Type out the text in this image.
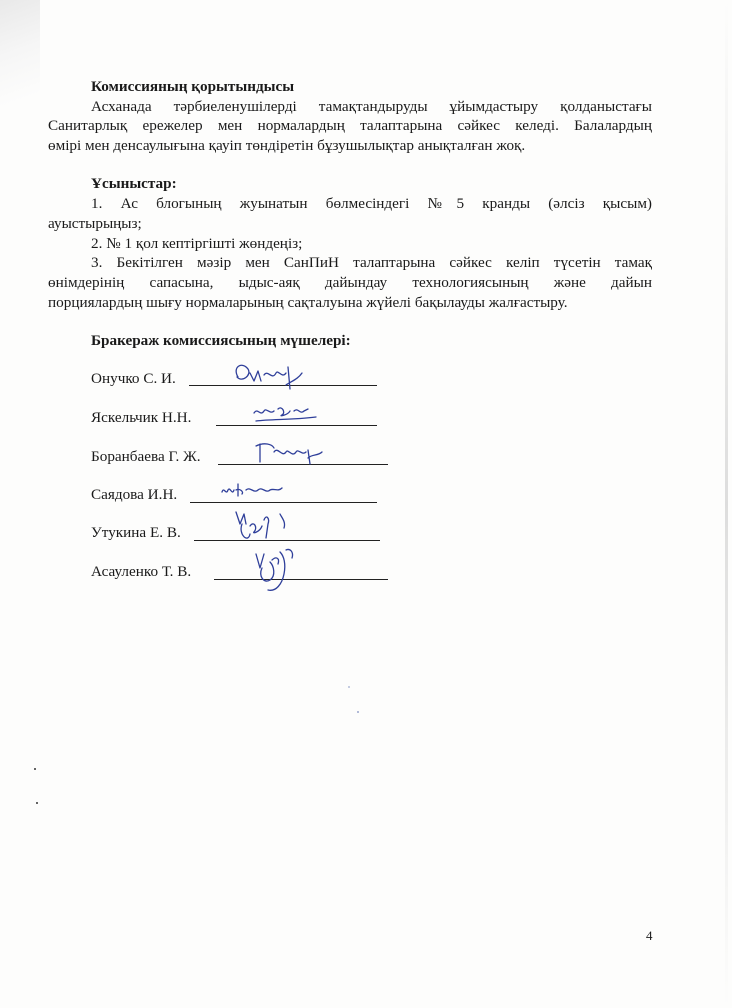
Комиссияның қорытындысы

Асханада тәрбиеленушілерді тамақтандыруды ұйымдастыру қолданыстағы

Санитарлық ережелер мен нормалардың талаптарына сәйкес келеді. Балалардың

өмірі мен денсаулығына қауіп төндіретін бұзушылықтар анықталған жоқ.

Ұсыныстар:

1. Ас блогының жуынатын бөлмесіндегі №5 кранды (әлсіз қысым)

ауыстырыңыз;

2. № 1 қол кептіргішті жөндеңіз;

3. Бекітілген мәзір мен СанПиН талаптарына сәйкес келіп түсетін тамақ

өнімдерінің сапасына, ыдыс-аяқ дайындау технологиясының және дайын

порциялардың шығу нормаларының сақталуына жүйелі бақылауды жалғастыру.

Бракераж комиссиясының мүшелері:

Онучко С. И.
Яскельчик Н.Н.
Боранбаева Г. Ж.
Саядова И.Н.
Утукина Е. В.
Асауленко Т. В.
4
